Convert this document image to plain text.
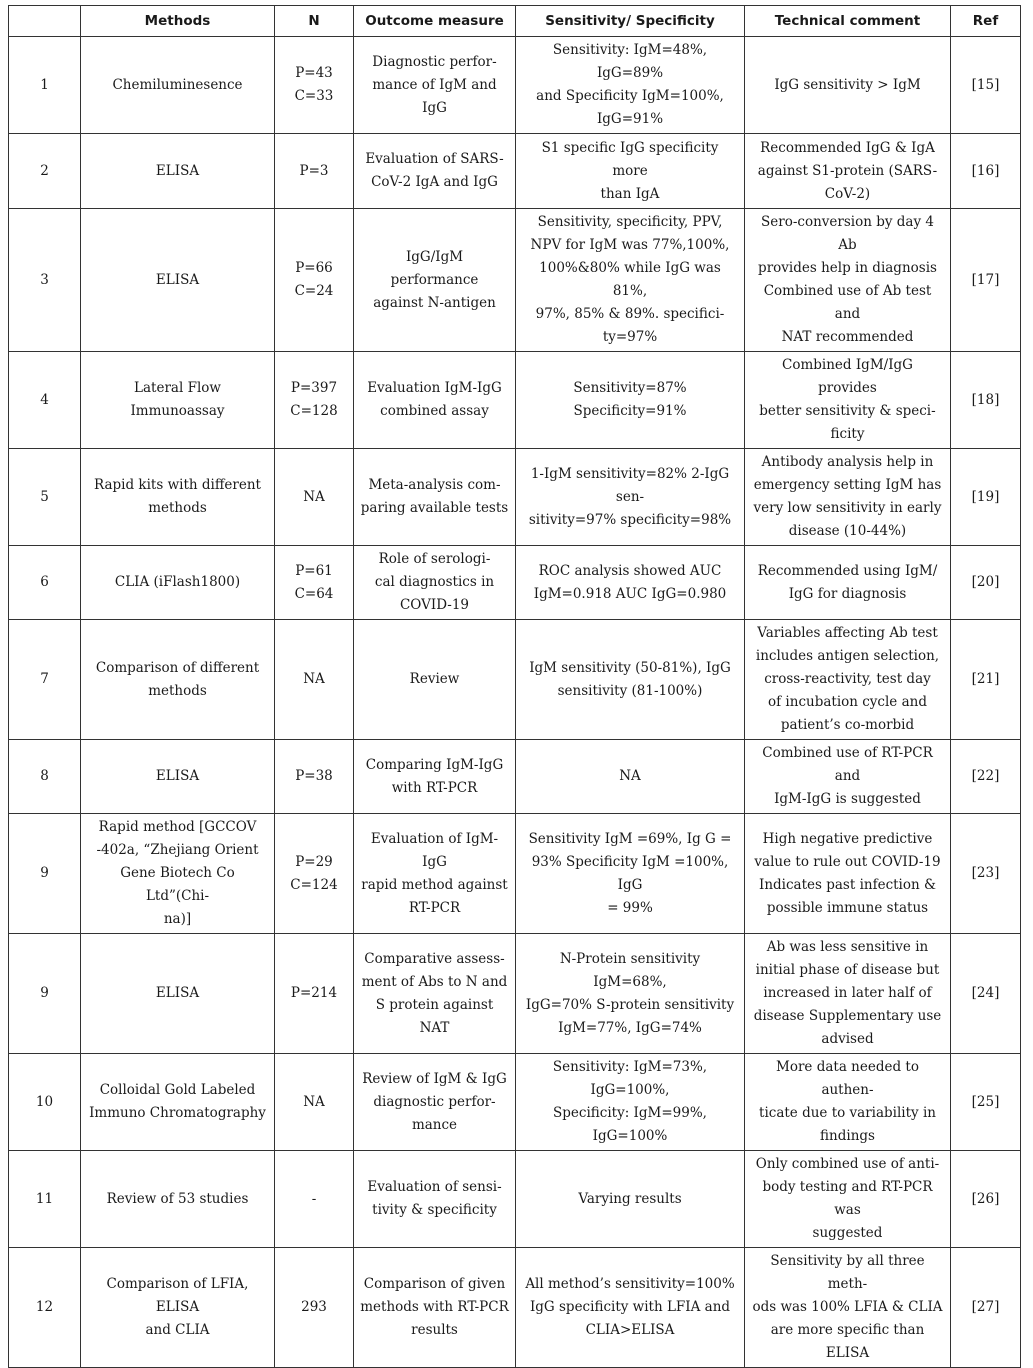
	Methods	N	Outcome measure	Sensitivity/ Specificity	Technical comment	Ref
1	Chemiluminesence	P=43
C=33	Diagnostic perfor-
mance of IgM and IgG	Sensitivity: IgM=48%, IgG=89%
and Specificity IgM=100%,
IgG=91%	IgG sensitivity > IgM	[15]
2	ELISA	P=3	Evaluation of SARS-
CoV-2 IgA and IgG	S1 specific IgG specificity more
than IgA	Recommended IgG & IgA
against S1-protein (SARS-
CoV-2)	[16]
3	ELISA	P=66
C=24	IgG/IgM performance
against N-antigen	Sensitivity, specificity, PPV,
NPV for IgM was 77%,100%,
100%&80% while IgG was 81%,
97%, 85% & 89%. specifici-
ty=97%	Sero-conversion by day 4 Ab
provides help in diagnosis
Combined use of Ab test and
NAT recommended	[17]
4	Lateral Flow Immunoassay	P=397
C=128	Evaluation IgM-IgG
combined assay	Sensitivity=87% Specificity=91%	Combined IgM/IgG provides
better sensitivity & speci-
ficity	[18]
5	Rapid kits with different
methods	NA	Meta-analysis com-
paring available tests	1-IgM sensitivity=82% 2-IgG sen-
sitivity=97% specificity=98%	Antibody analysis help in
emergency setting IgM has
very low sensitivity in early
disease (10-44%)	[19]
6	CLIA (iFlash1800)	P=61
C=64	Role of serologi-
cal diagnostics in
COVID-19	ROC analysis showed AUC
IgM=0.918 AUC IgG=0.980	Recommended using IgM/
IgG for diagnosis	[20]
7	Comparison of different
methods	NA	Review	IgM sensitivity (50-81%), IgG
sensitivity (81-100%)	Variables affecting Ab test
includes antigen selection,
cross-reactivity, test day
of incubation cycle and
patient’s co-morbid	[21]
8	ELISA	P=38	Comparing IgM-IgG
with RT-PCR	NA	Combined use of RT-PCR and
IgM-IgG is suggested	[22]
9	Rapid method [GCCOV
-402a, “Zhejiang Orient
Gene Biotech Co Ltd”(Chi-
na)]	P=29
C=124	Evaluation of IgM-IgG
rapid method against
RT-PCR	Sensitivity IgM =69%, Ig G =
93% Specificity IgM =100%, IgG
= 99%	High negative predictive
value to rule out COVID-19
Indicates past infection &
possible immune status	[23]
9	ELISA	P=214	Comparative assess-
ment of Abs to N and
S protein against NAT	N-Protein sensitivity IgM=68%,
IgG=70% S-protein sensitivity
IgM=77%, IgG=74%	Ab was less sensitive in
initial phase of disease but
increased in later half of
disease Supplementary use
advised	[24]
10	Colloidal Gold Labeled
Immuno Chromatography	NA	Review of IgM & IgG
diagnostic perfor-
mance	Sensitivity: IgM=73%, IgG=100%,
Specificity: IgM=99%, IgG=100%	More data needed to authen-
ticate due to variability in
findings	[25]
11	Review of 53 studies	-	Evaluation of sensi-
tivity & specificity	Varying results	Only combined use of anti-
body testing and RT-PCR was
suggested	[26]
12	Comparison of LFIA, ELISA
and CLIA	293	Comparison of given
methods with RT-PCR
results	All method’s sensitivity=100%
IgG specificity with LFIA and
CLIA>ELISA	Sensitivity by all three meth-
ods was 100% LFIA & CLIA
are more specific than ELISA	[27]
